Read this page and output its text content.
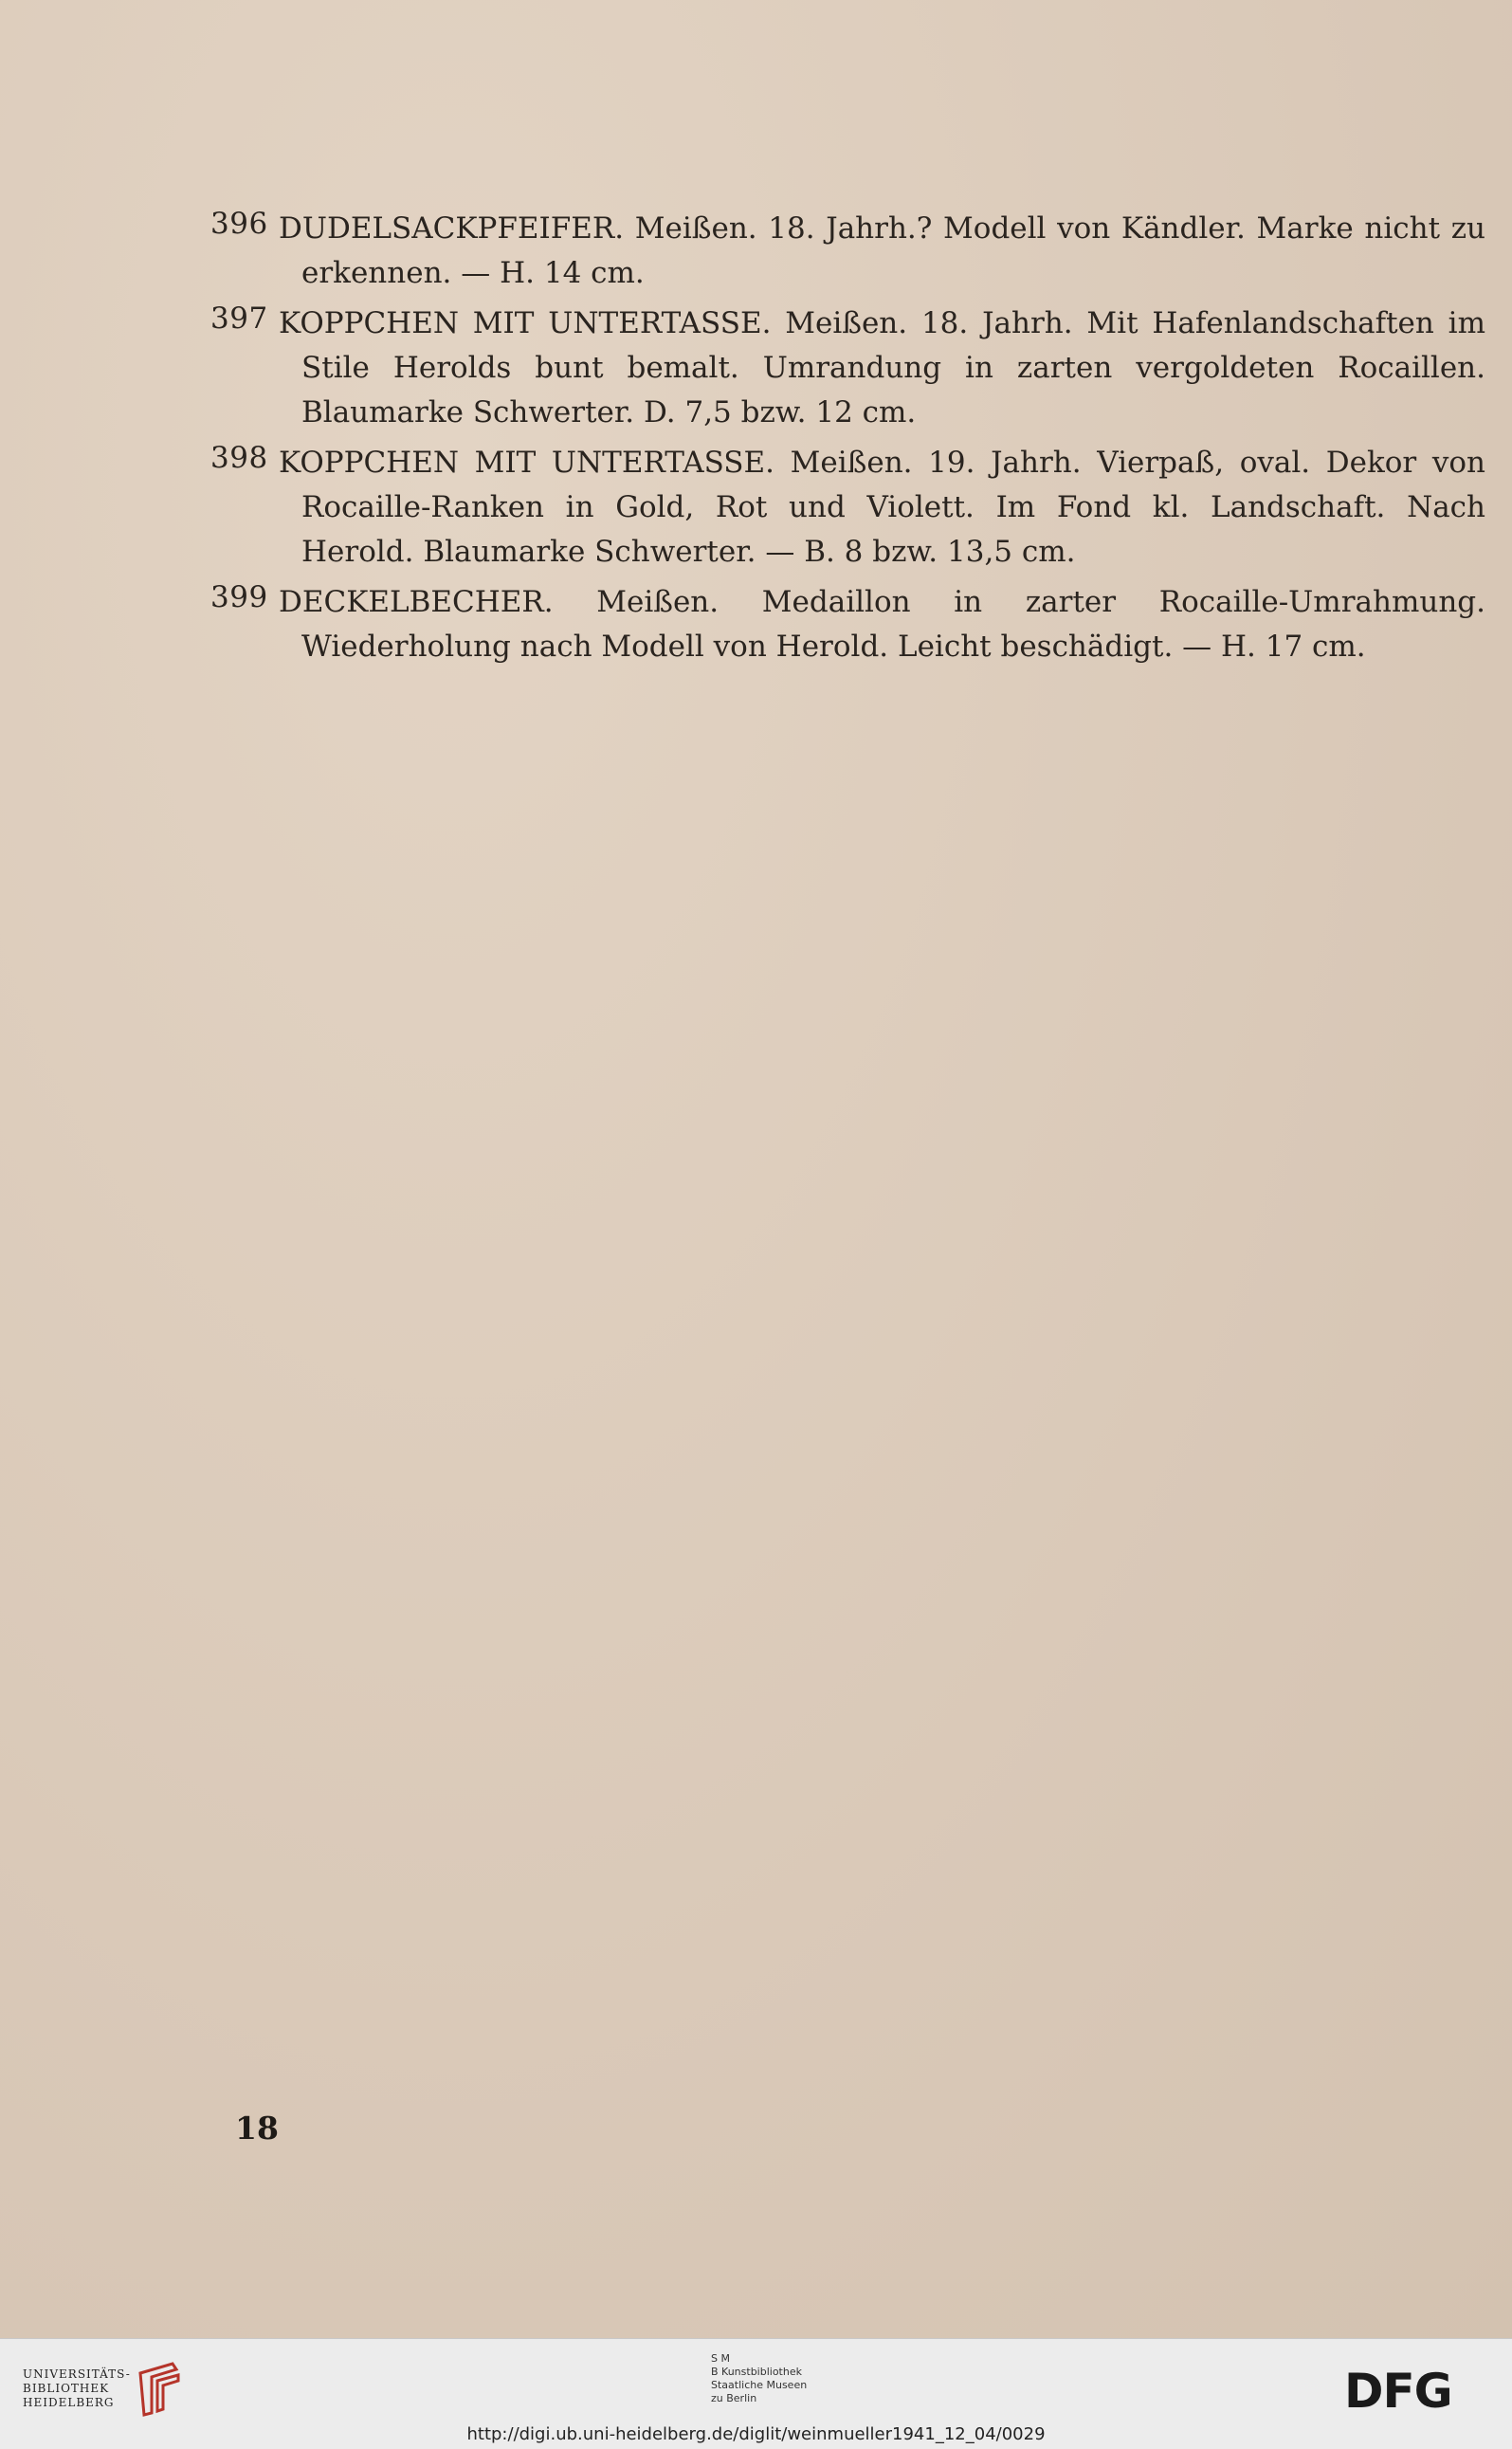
396 DUDELSACKPFEIFER. Meißen. 18. Jahrh.? Modell von Kändler. Marke nicht zu erkennen. — H. 14 cm.
397 KOPPCHEN MIT UNTERTASSE. Meißen. 18. Jahrh. Mit Hafenlandschaften im Stile Herolds bunt bemalt. Umrandung in zarten vergoldeten Rocaillen. Blaumarke Schwerter. D. 7,5 bzw. 12 cm.
398 KOPPCHEN MIT UNTERTASSE. Meißen. 19. Jahrh. Vierpaß, oval. Dekor von Rocaille-Ranken in Gold, Rot und Violett. Im Fond kl. Landschaft. Nach Herold. Blaumarke Schwerter. — B. 8 bzw. 13,5 cm.
399 DECKELBECHER. Meißen. Medaillon in zarter Rocaille-Umrahmung. Wiederholung nach Modell von Herold. Leicht beschädigt. — H. 17 cm.
18
UNIVERSITÄTS-
BIBLIOTHEK
HEIDELBERG
S M
B Kunstbibliothek
Staatliche Museen
zu Berlin	DFG
http://digi.ub.uni-heidelberg.de/diglit/weinmueller1941_12_04/0029
